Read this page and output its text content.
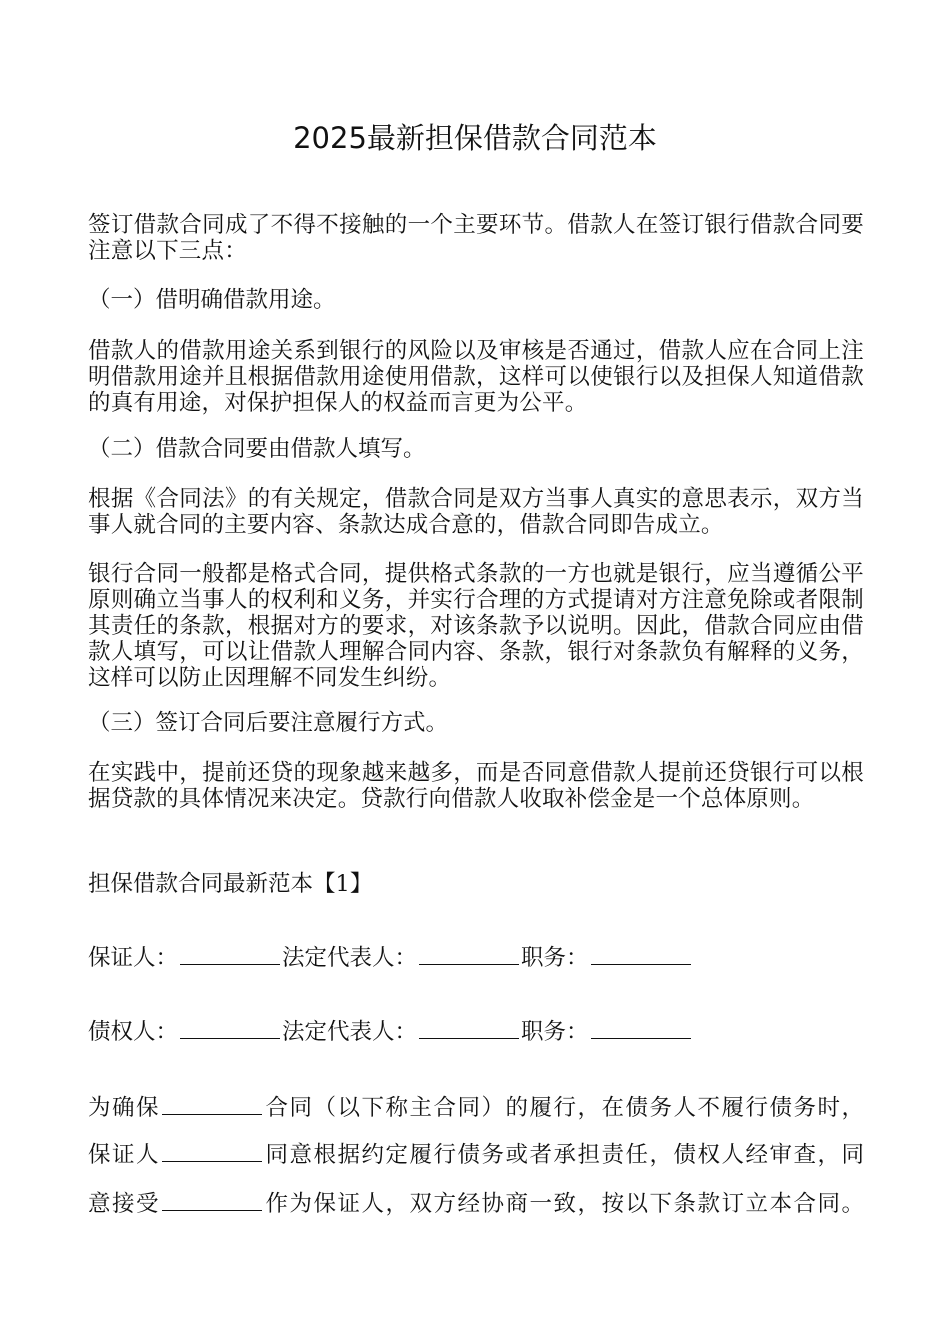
2025最新担保借款合同范本

签订借款合同成了不得不接触的一个主要环节。借款人在签订银行借款合同要注意以下三点：

（一）借明确借款用途。

借款人的借款用途关系到银行的风险以及审核是否通过，借款人应在合同上注明借款用途并且根据借款用途使用借款，这样可以使银行以及担保人知道借款的真有用途，对保护担保人的权益而言更为公平。

（二）借款合同要由借款人填写。

根据《合同法》的有关规定，借款合同是双方当事人真实的意思表示，双方当事人就合同的主要内容、条款达成合意的，借款合同即告成立。

银行合同一般都是格式合同，提供格式条款的一方也就是银行，应当遵循公平原则确立当事人的权利和义务，并实行合理的方式提请对方注意免除或者限制其责任的条款，根据对方的要求，对该条款予以说明。因此，借款合同应由借款人填写，可以让借款人理解合同内容、条款，银行对条款负有解释的义务，这样可以防止因理解不同发生纠纷。

（三）签订合同后要注意履行方式。

在实践中，提前还贷的现象越来越多，而是否同意借款人提前还贷银行可以根据贷款的具体情况来决定。贷款行向借款人收取补偿金是一个总体原则。

担保借款合同最新范本【1】

保证人：	法定代表人：	职务：
债权人：	法定代表人：	职务：
为确保	合同（以下称主合同）的履行，在债务人不履行债务时，
保证人	同意根据约定履行债务或者承担责任，债权人经审查，同
意接受	作为保证人，双方经协商一致，按以下条款订立本合同。
